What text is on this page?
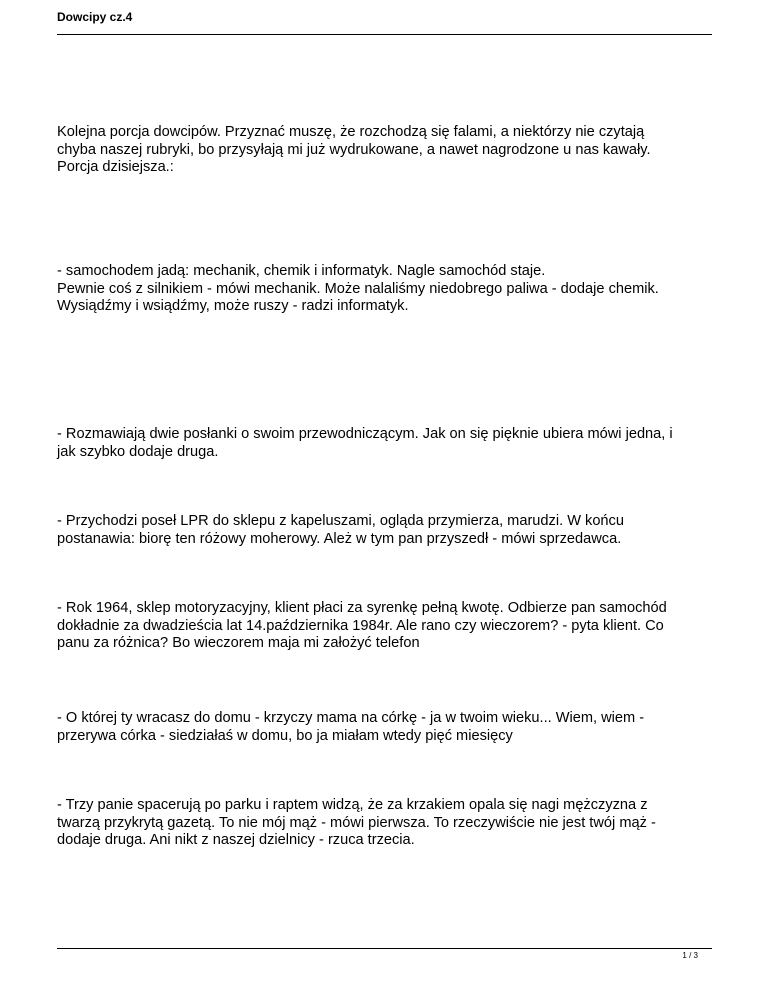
Dowcipy cz.4

Kolejna porcja dowcipów. Przyznać muszę, że rozchodzą się falami, a niektórzy nie czytają
chyba naszej rubryki, bo przysyłają mi już wydrukowane, a nawet nagrodzone u nas kawały.
Porcja dzisiejsza.:

- samochodem jadą: mechanik, chemik i informatyk. Nagle samochód staje.
Pewnie coś z silnikiem - mówi mechanik. Może nalaliśmy niedobrego paliwa - dodaje chemik.
Wysiądźmy i wsiądźmy, może ruszy - radzi informatyk.

- Rozmawiają dwie posłanki o swoim przewodniczącym. Jak on się pięknie ubiera mówi jedna, i
jak szybko dodaje druga.

- Przychodzi poseł LPR do sklepu z kapeluszami, ogląda przymierza, marudzi. W końcu
postanawia: biorę ten różowy moherowy. Ależ w tym pan przyszedł - mówi sprzedawca.

- Rok 1964, sklep motoryzacyjny, klient płaci za syrenkę pełną kwotę. Odbierze pan samochód
dokładnie za dwadzieścia lat 14.października 1984r. Ale rano czy wieczorem? - pyta klient. Co
panu za różnica? Bo wieczorem maja mi założyć telefon

- O której ty wracasz do domu - krzyczy mama na córkę - ja w twoim wieku... Wiem, wiem -
przerywa córka - siedziałaś w domu, bo ja miałam wtedy pięć miesięcy

- Trzy panie spacerują po parku i raptem widzą, że za krzakiem opala się nagi mężczyzna z
twarzą przykrytą gazetą. To nie mój mąż - mówi pierwsza. To rzeczywiście nie jest twój mąż -
dodaje druga. Ani nikt z naszej dzielnicy - rzuca trzecia.

1 / 3
